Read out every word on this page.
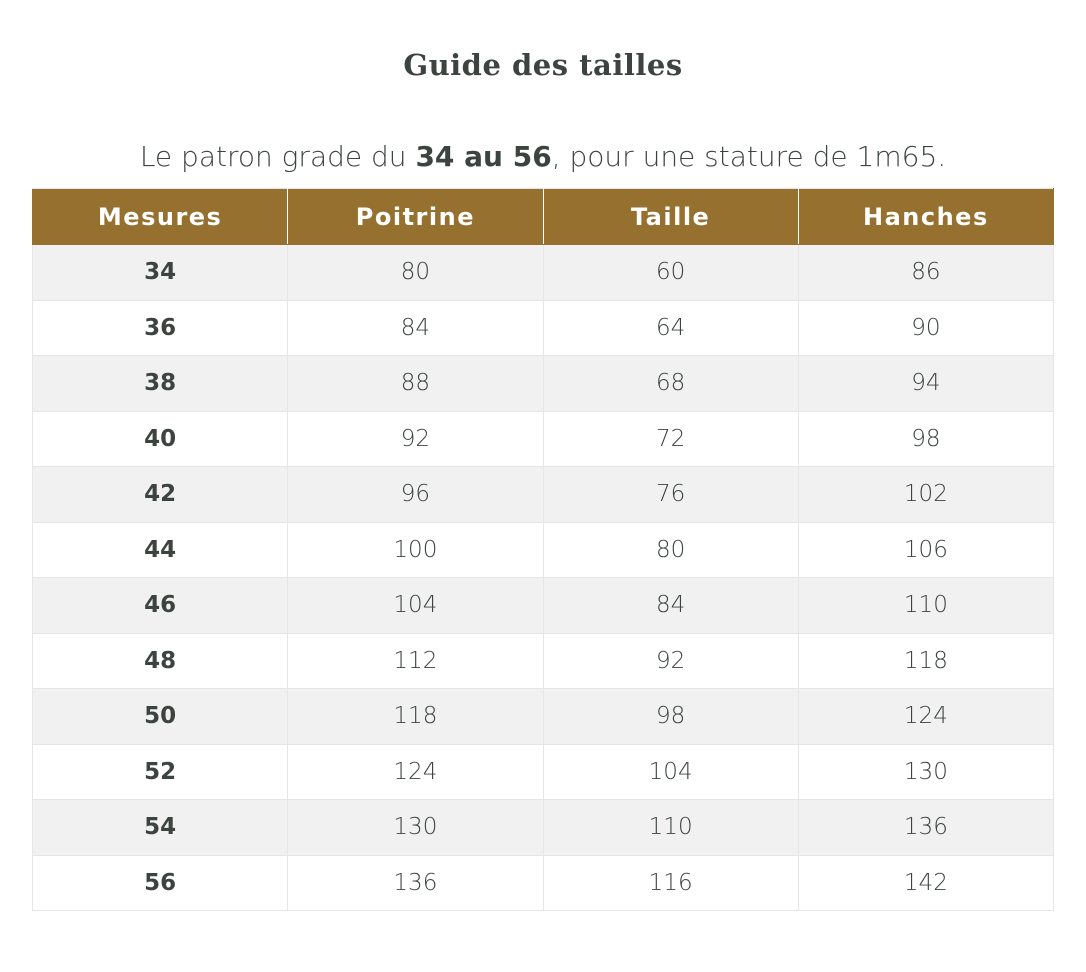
Guide des tailles

Le patron grade du 34 au 56, pour une stature de 1m65.

Mesures	Poitrine	Taille	Hanches
34	80	60	86
36	84	64	90
38	88	68	94
40	92	72	98
42	96	76	102
44	100	80	106
46	104	84	110
48	112	92	118
50	118	98	124
52	124	104	130
54	130	110	136
56	136	116	142
